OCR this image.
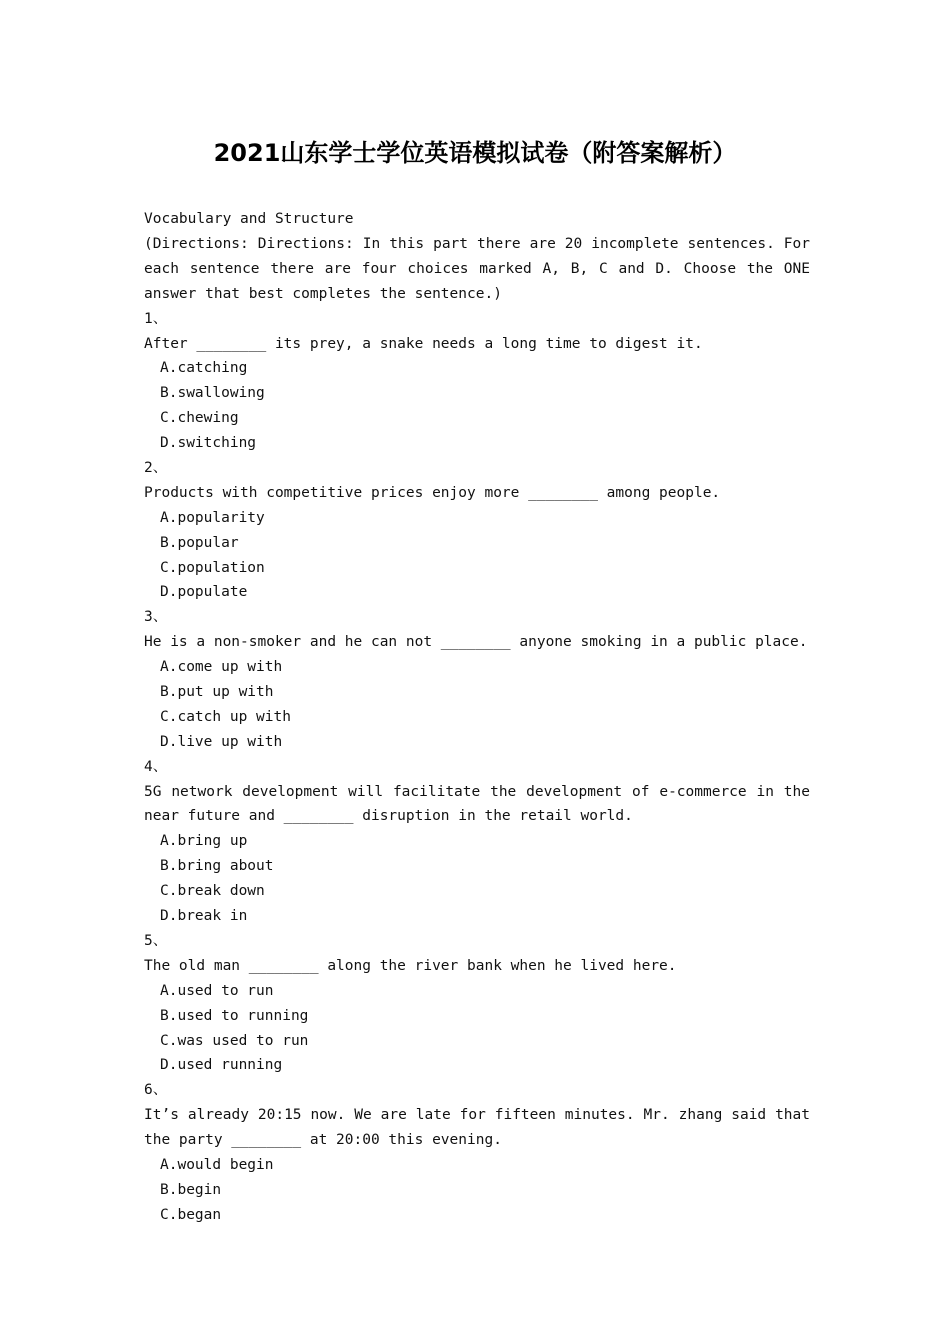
2021山东学士学位英语模拟试卷（附答案解析）
Vocabulary and Structure
(Directions: Directions: In this part there are 20 incomplete sentences. For each sentence there are four choices marked A, B, C and D. Choose the ONE answer that best completes the sentence.)
1、
After ________ its prey, a snake needs a long time to digest it.
A.catching
B.swallowing
C.chewing
D.switching
2、
Products with competitive prices enjoy more ________ among people.
A.popularity
B.popular
C.population
D.populate
3、
He is a non-smoker and he can not ________ anyone smoking in a public place.
A.come up with
B.put up with
C.catch up with
D.live up with
4、
5G network development will facilitate the development of e-commerce in the near future and ________ disruption in the retail world.
A.bring up
B.bring about
C.break down
D.break in
5、
The old man ________ along the river bank when he lived here.
A.used to run
B.used to running
C.was used to run
D.used running
6、
It’s already 20:15 now. We are late for fifteen minutes. Mr. zhang said that the party ________ at 20:00 this evening.
A.would begin
B.begin
C.began
